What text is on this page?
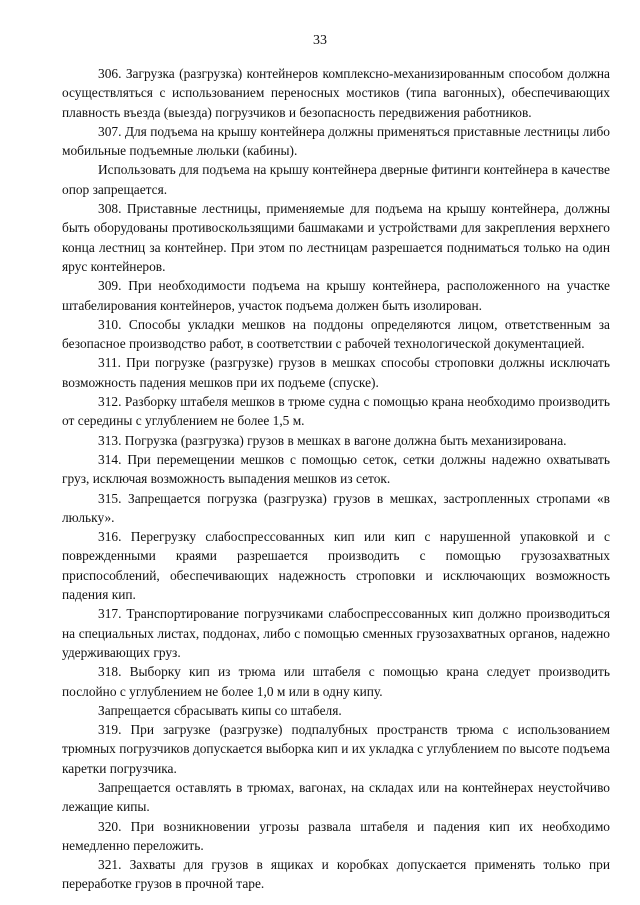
33

306. Загрузка (разгрузка) контейнеров комплексно-механизированным способом должна осуществляться с использованием переносных мостиков (типа вагонных), обеспечивающих плавность въезда (выезда) погрузчиков и безопасность передвижения работников.

307. Для подъема на крышу контейнера должны применяться приставные лестницы либо мобильные подъемные люльки (кабины).

Использовать для подъема на крышу контейнера дверные фитинги контейнера в качестве опор запрещается.

308. Приставные лестницы, применяемые для подъема на крышу контейнера, должны быть оборудованы противоскользящими башмаками и устройствами для закрепления верхнего конца лестниц за контейнер. При этом по лестницам разрешается подниматься только на один ярус контейнеров.

309. При необходимости подъема на крышу контейнера, расположенного на участке штабелирования контейнеров, участок подъема должен быть изолирован.

310. Способы укладки мешков на поддоны определяются лицом, ответственным за безопасное производство работ, в соответствии с рабочей технологической документацией.

311. При погрузке (разгрузке) грузов в мешках способы строповки должны исключать возможность падения мешков при их подъеме (спуске).

312. Разборку штабеля мешков в трюме судна с помощью крана необходимо производить от середины с углублением не более 1,5 м.

313. Погрузка (разгрузка) грузов в мешках в вагоне должна быть механизирована.

314. При перемещении мешков с помощью сеток, сетки должны надежно охватывать груз, исключая возможность выпадения мешков из сеток.

315. Запрещается погрузка (разгрузка) грузов в мешках, застропленных стропами «в люльку».

316. Перегрузку слабоспрессованных кип или кип с нарушенной упаковкой и с поврежденными краями разрешается производить с помощью грузозахватных приспособлений, обеспечивающих надежность строповки и исключающих возможность падения кип.

317. Транспортирование погрузчиками слабоспрессованных кип должно производиться на специальных листах, поддонах, либо с помощью сменных грузозахватных органов, надежно удерживающих груз.

318. Выборку кип из трюма или штабеля с помощью крана следует производить послойно с углублением не более 1,0 м или в одну кипу.

Запрещается сбрасывать кипы со штабеля.

319. При загрузке (разгрузке) подпалубных пространств трюма с использованием трюмных погрузчиков допускается выборка кип и их укладка с углублением по высоте подъема каретки погрузчика.

Запрещается оставлять в трюмах, вагонах, на складах или на контейнерах неустойчиво лежащие кипы.

320. При возникновении угрозы развала штабеля и падения кип их необходимо немедленно переложить.

321. Захваты для грузов в ящиках и коробках допускается применять только при переработке грузов в прочной таре.
